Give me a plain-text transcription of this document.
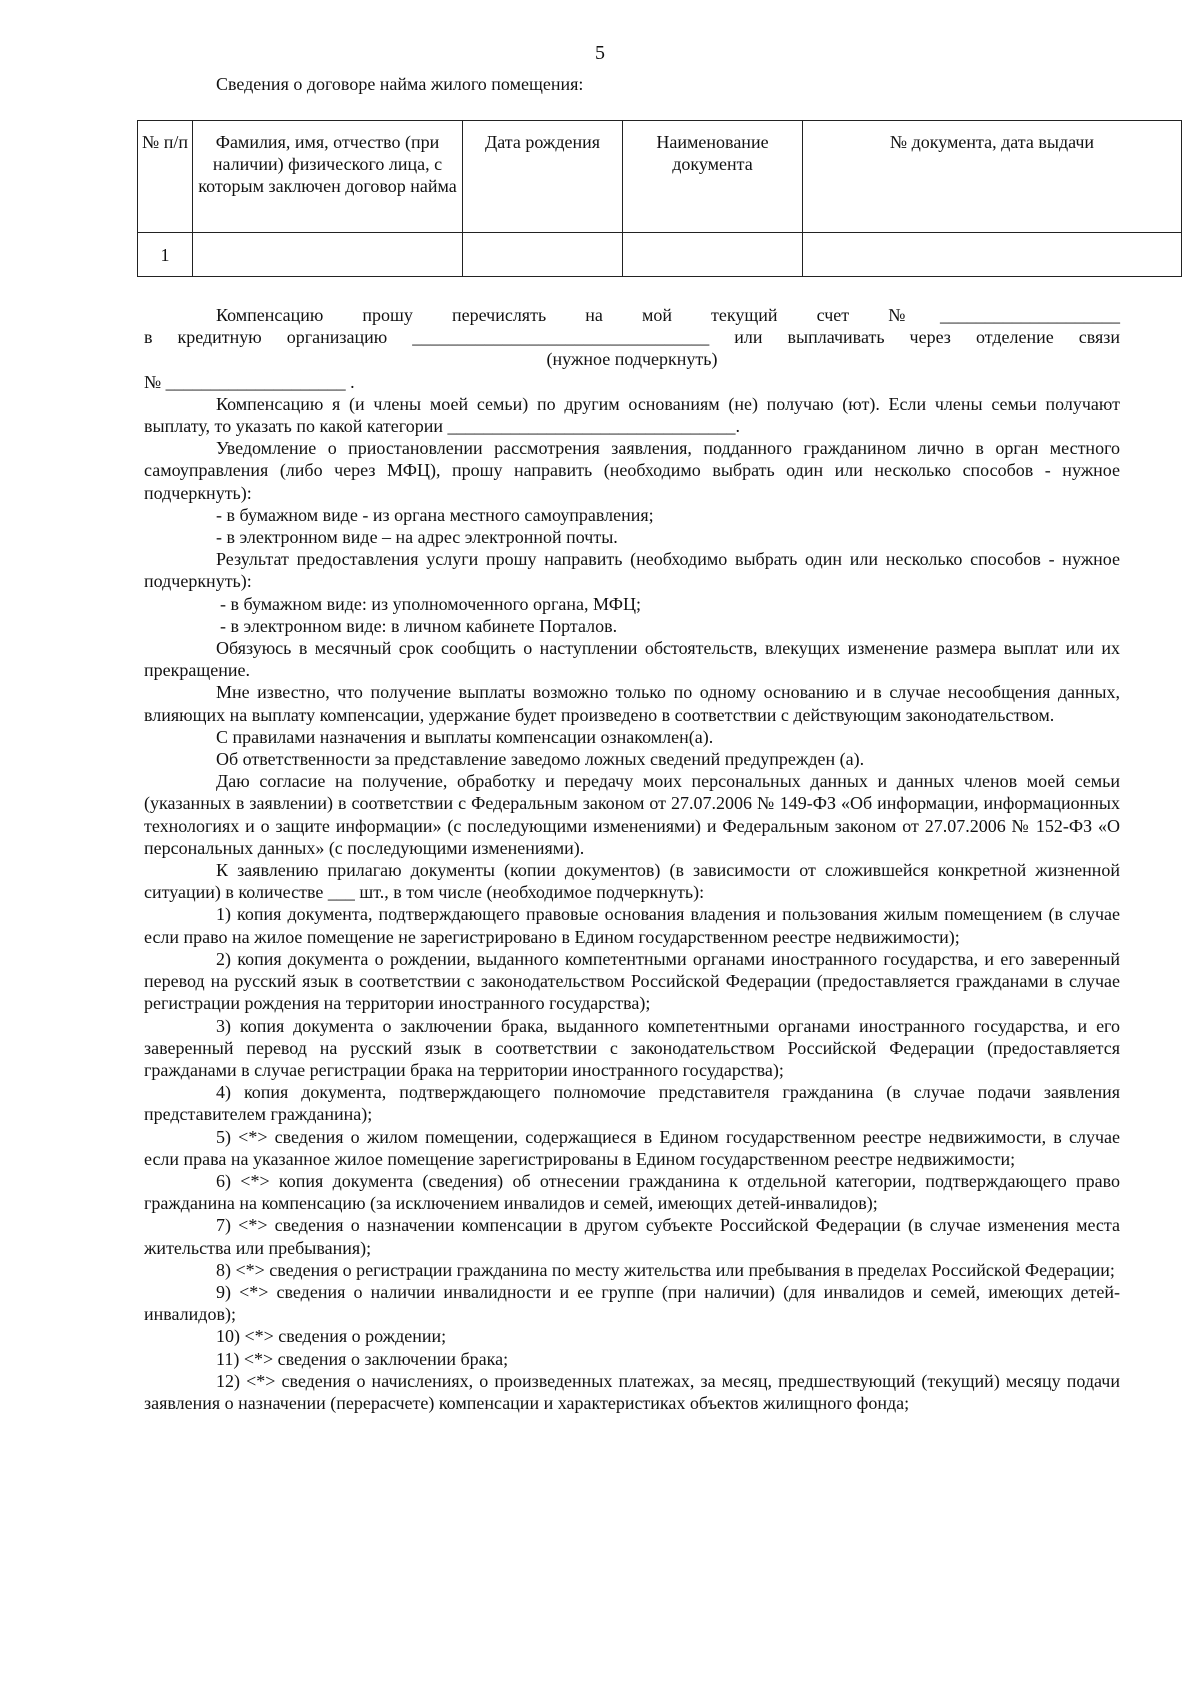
5
Сведения о договоре найма жилого помещения:
№ п/п	Фамилия, имя, отчество (при наличии) физического лица, с которым заключен договор найма	Дата рождения	Наименование документа	№ документа, дата выдачи
1				

Компенсацию прошу перечислять на мой текущий счет №____________________

в кредитную организацию _________________________________ или выплачивать через отделение связи

(нужное подчеркнуть)

№ ____________________ .

Компенсацию я (и члены моей семьи) по другим основаниям (не) получаю (ют). Если члены семьи получают выплату, то указать по какой категории ________________________________.

Уведомление о приостановлении рассмотрения заявления, подданного гражданином лично в орган местного самоуправления (либо через МФЦ), прошу направить (необходимо выбрать один или несколько способов - нужное подчеркнуть):

- в бумажном виде - из органа местного самоуправления;

- в электронном виде – на адрес электронной почты.

Результат предоставления услуги прошу направить (необходимо выбрать один или несколько способов - нужное подчеркнуть):

- в бумажном виде: из уполномоченного органа, МФЦ;

- в электронном виде: в личном кабинете Порталов.

Обязуюсь в месячный срок сообщить о наступлении обстоятельств, влекущих изменение размера выплат или их прекращение.

Мне известно, что получение выплаты возможно только по одному основанию и в случае несообщения данных, влияющих на выплату компенсации, удержание будет произведено в соответствии с действующим законодательством.

С правилами назначения и выплаты компенсации ознакомлен(а).

Об ответственности за представление заведомо ложных сведений предупрежден (а).

Даю согласие на получение, обработку и передачу моих персональных данных и данных членов моей семьи (указанных в заявлении) в соответствии с Федеральным законом от 27.07.2006 № 149-ФЗ «Об информации, информационных технологиях и о защите информации» (с последующими изменениями) и Федеральным законом от 27.07.2006 № 152-ФЗ «О персональных данных» (с последующими изменениями).

К заявлению прилагаю документы (копии документов) (в зависимости от сложившейся конкретной жизненной ситуации) в количестве ___ шт., в том числе (необходимое подчеркнуть):

1) копия документа, подтверждающего правовые основания владения и пользования жилым помещением (в случае если право на жилое помещение не зарегистрировано в Едином государственном реестре недвижимости);

2) копия документа о рождении, выданного компетентными органами иностранного государства, и его заверенный перевод на русский язык в соответствии с законодательством Российской Федерации (предоставляется гражданами в случае регистрации рождения на территории иностранного государства);

3) копия документа о заключении брака, выданного компетентными органами иностранного государства, и его заверенный перевод на русский язык в соответствии с законодательством Российской Федерации (предоставляется гражданами в случае регистрации брака на территории иностранного государства);

4) копия документа, подтверждающего полномочие представителя гражданина (в случае подачи заявления представителем гражданина);

5) <*> сведения о жилом помещении, содержащиеся в Едином государственном реестре недвижимости, в случае если права на указанное жилое помещение зарегистрированы в Едином государственном реестре недвижимости;

6) <*> копия документа (сведения) об отнесении гражданина к отдельной категории, подтверждающего право гражданина на компенсацию (за исключением инвалидов и семей, имеющих детей-инвалидов);

7) <*> сведения о назначении компенсации в другом субъекте Российской Федерации (в случае изменения места жительства или пребывания);

8) <*> сведения о регистрации гражданина по месту жительства или пребывания в пределах Российской Федерации;

9) <*> сведения о наличии инвалидности и ее группе (при наличии) (для инвалидов и семей, имеющих детей-инвалидов);

10) <*> сведения о рождении;

11) <*> сведения о заключении брака;

12) <*> сведения о начислениях, о произведенных платежах, за месяц, предшествующий (текущий) месяцу подачи заявления о назначении (перерасчете) компенсации и характеристиках объектов жилищного фонда;
